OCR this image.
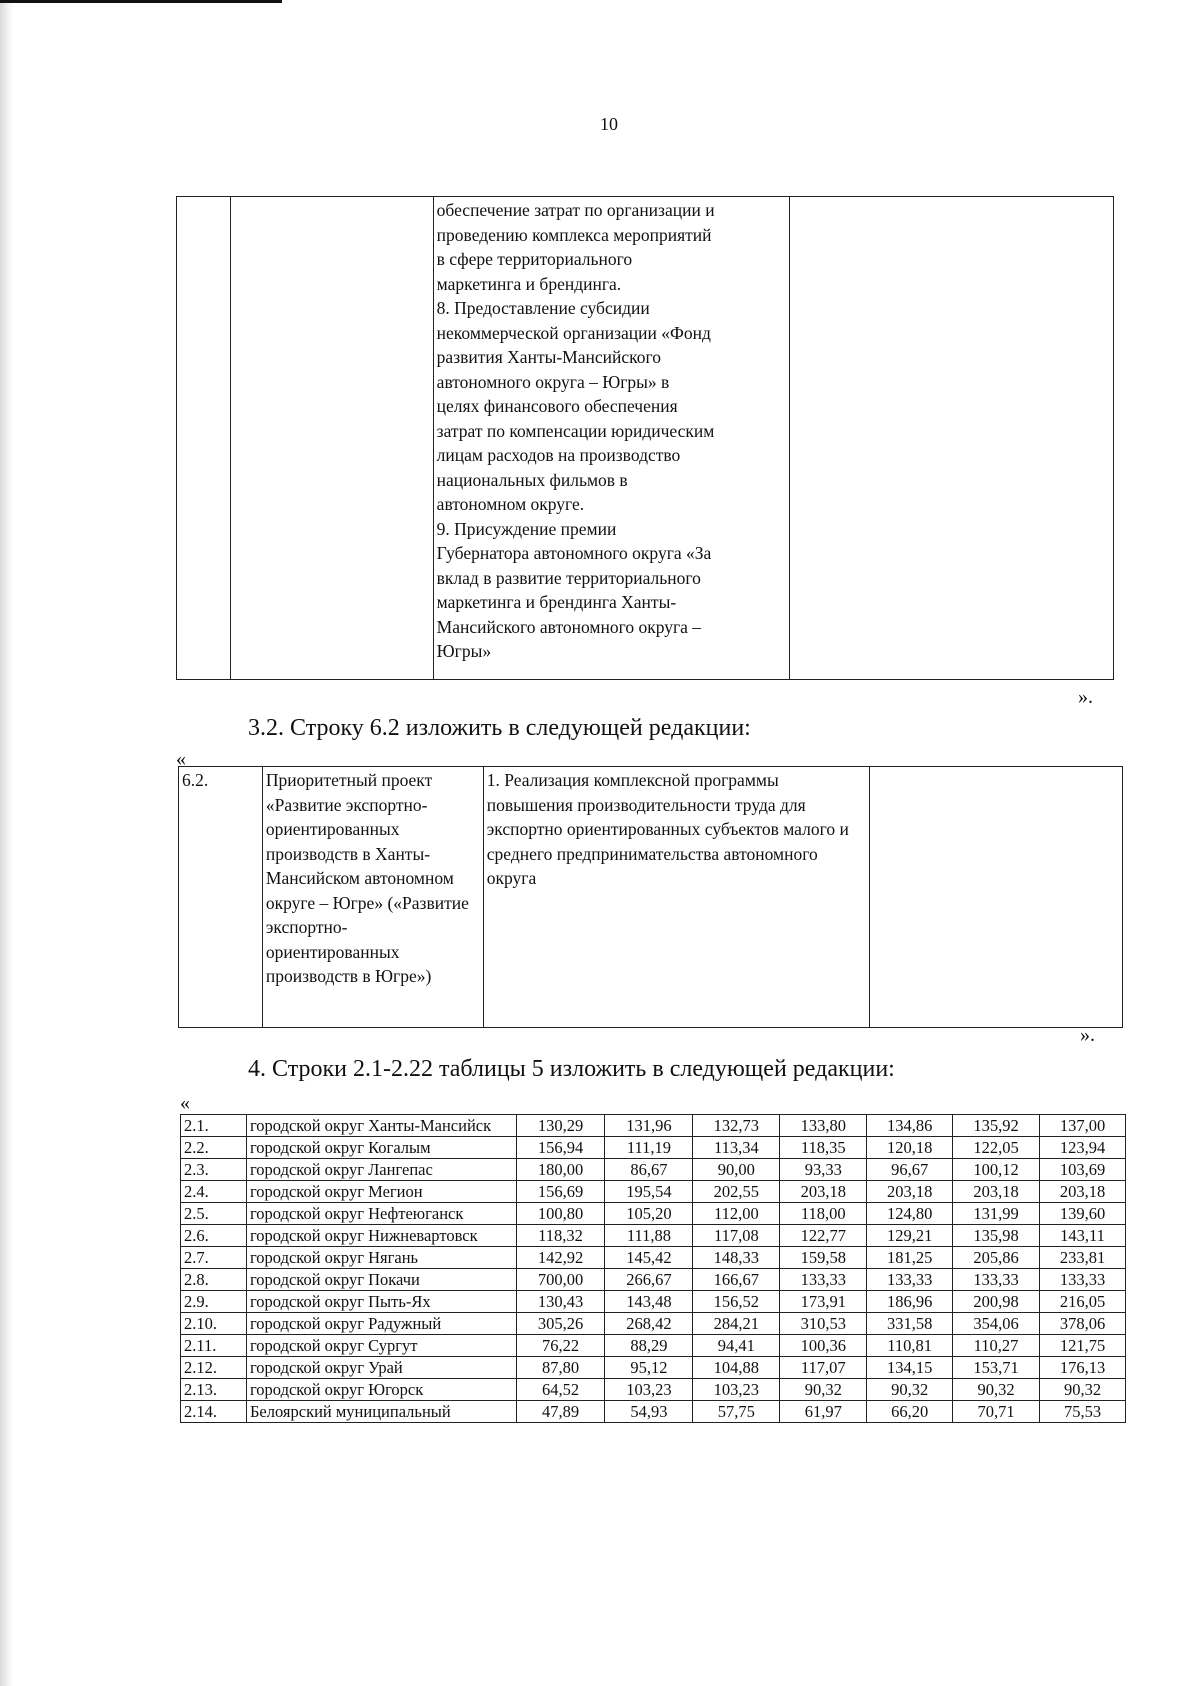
10

обеспечение затрат по организации и
проведению комплекса мероприятий
в сфере территориального
маркетинга и брендинга.
8. Предоставление субсидии
некоммерческой организации «Фонд
развития Ханты-Мансийского
автономного округа – Югры» в
целях финансового обеспечения
затрат по компенсации юридическим
лицам расходов на производство
национальных фильмов в
автономном округе.
9. Присуждение премии
Губернатора автономного округа «За
вклад в развитие территориального
маркетинга и брендинга Ханты-
Мансийского автономного округа –
Югры»

».
3.2. Строку 6.2 изложить в следующей редакции:
«
6.2.	Приоритетный проект «Развитие экспортно-ориентированных производств в Ханты-Мансийском автономном округе – Югре» («Развитие экспортно-ориентированных производств в Югре»)	1. Реализация комплексной программы повышения производительности труда для экспортно ориентированных субъектов малого и среднего предпринимательства автономного округа	
».
4. Строки 2.1-2.22 таблицы 5 изложить в следующей редакции:
«
2.1.	городской округ Ханты-Мансийск	130,29	131,96	132,73	133,80	134,86	135,92	137,00
2.2.	городской округ Когалым	156,94	111,19	113,34	118,35	120,18	122,05	123,94
2.3.	городской округ Лангепас	180,00	86,67	90,00	93,33	96,67	100,12	103,69
2.4.	городской округ Мегион	156,69	195,54	202,55	203,18	203,18	203,18	203,18
2.5.	городской округ Нефтеюганск	100,80	105,20	112,00	118,00	124,80	131,99	139,60
2.6.	городской округ Нижневартовск	118,32	111,88	117,08	122,77	129,21	135,98	143,11
2.7.	городской округ Нягань	142,92	145,42	148,33	159,58	181,25	205,86	233,81
2.8.	городской округ Покачи	700,00	266,67	166,67	133,33	133,33	133,33	133,33
2.9.	городской округ Пыть-Ях	130,43	143,48	156,52	173,91	186,96	200,98	216,05
2.10.	городской округ Радужный	305,26	268,42	284,21	310,53	331,58	354,06	378,06
2.11.	городской округ Сургут	76,22	88,29	94,41	100,36	110,81	110,27	121,75
2.12.	городской округ Урай	87,80	95,12	104,88	117,07	134,15	153,71	176,13
2.13.	городской округ Югорск	64,52	103,23	103,23	90,32	90,32	90,32	90,32
2.14.	Белоярский муниципальный	47,89	54,93	57,75	61,97	66,20	70,71	75,53
